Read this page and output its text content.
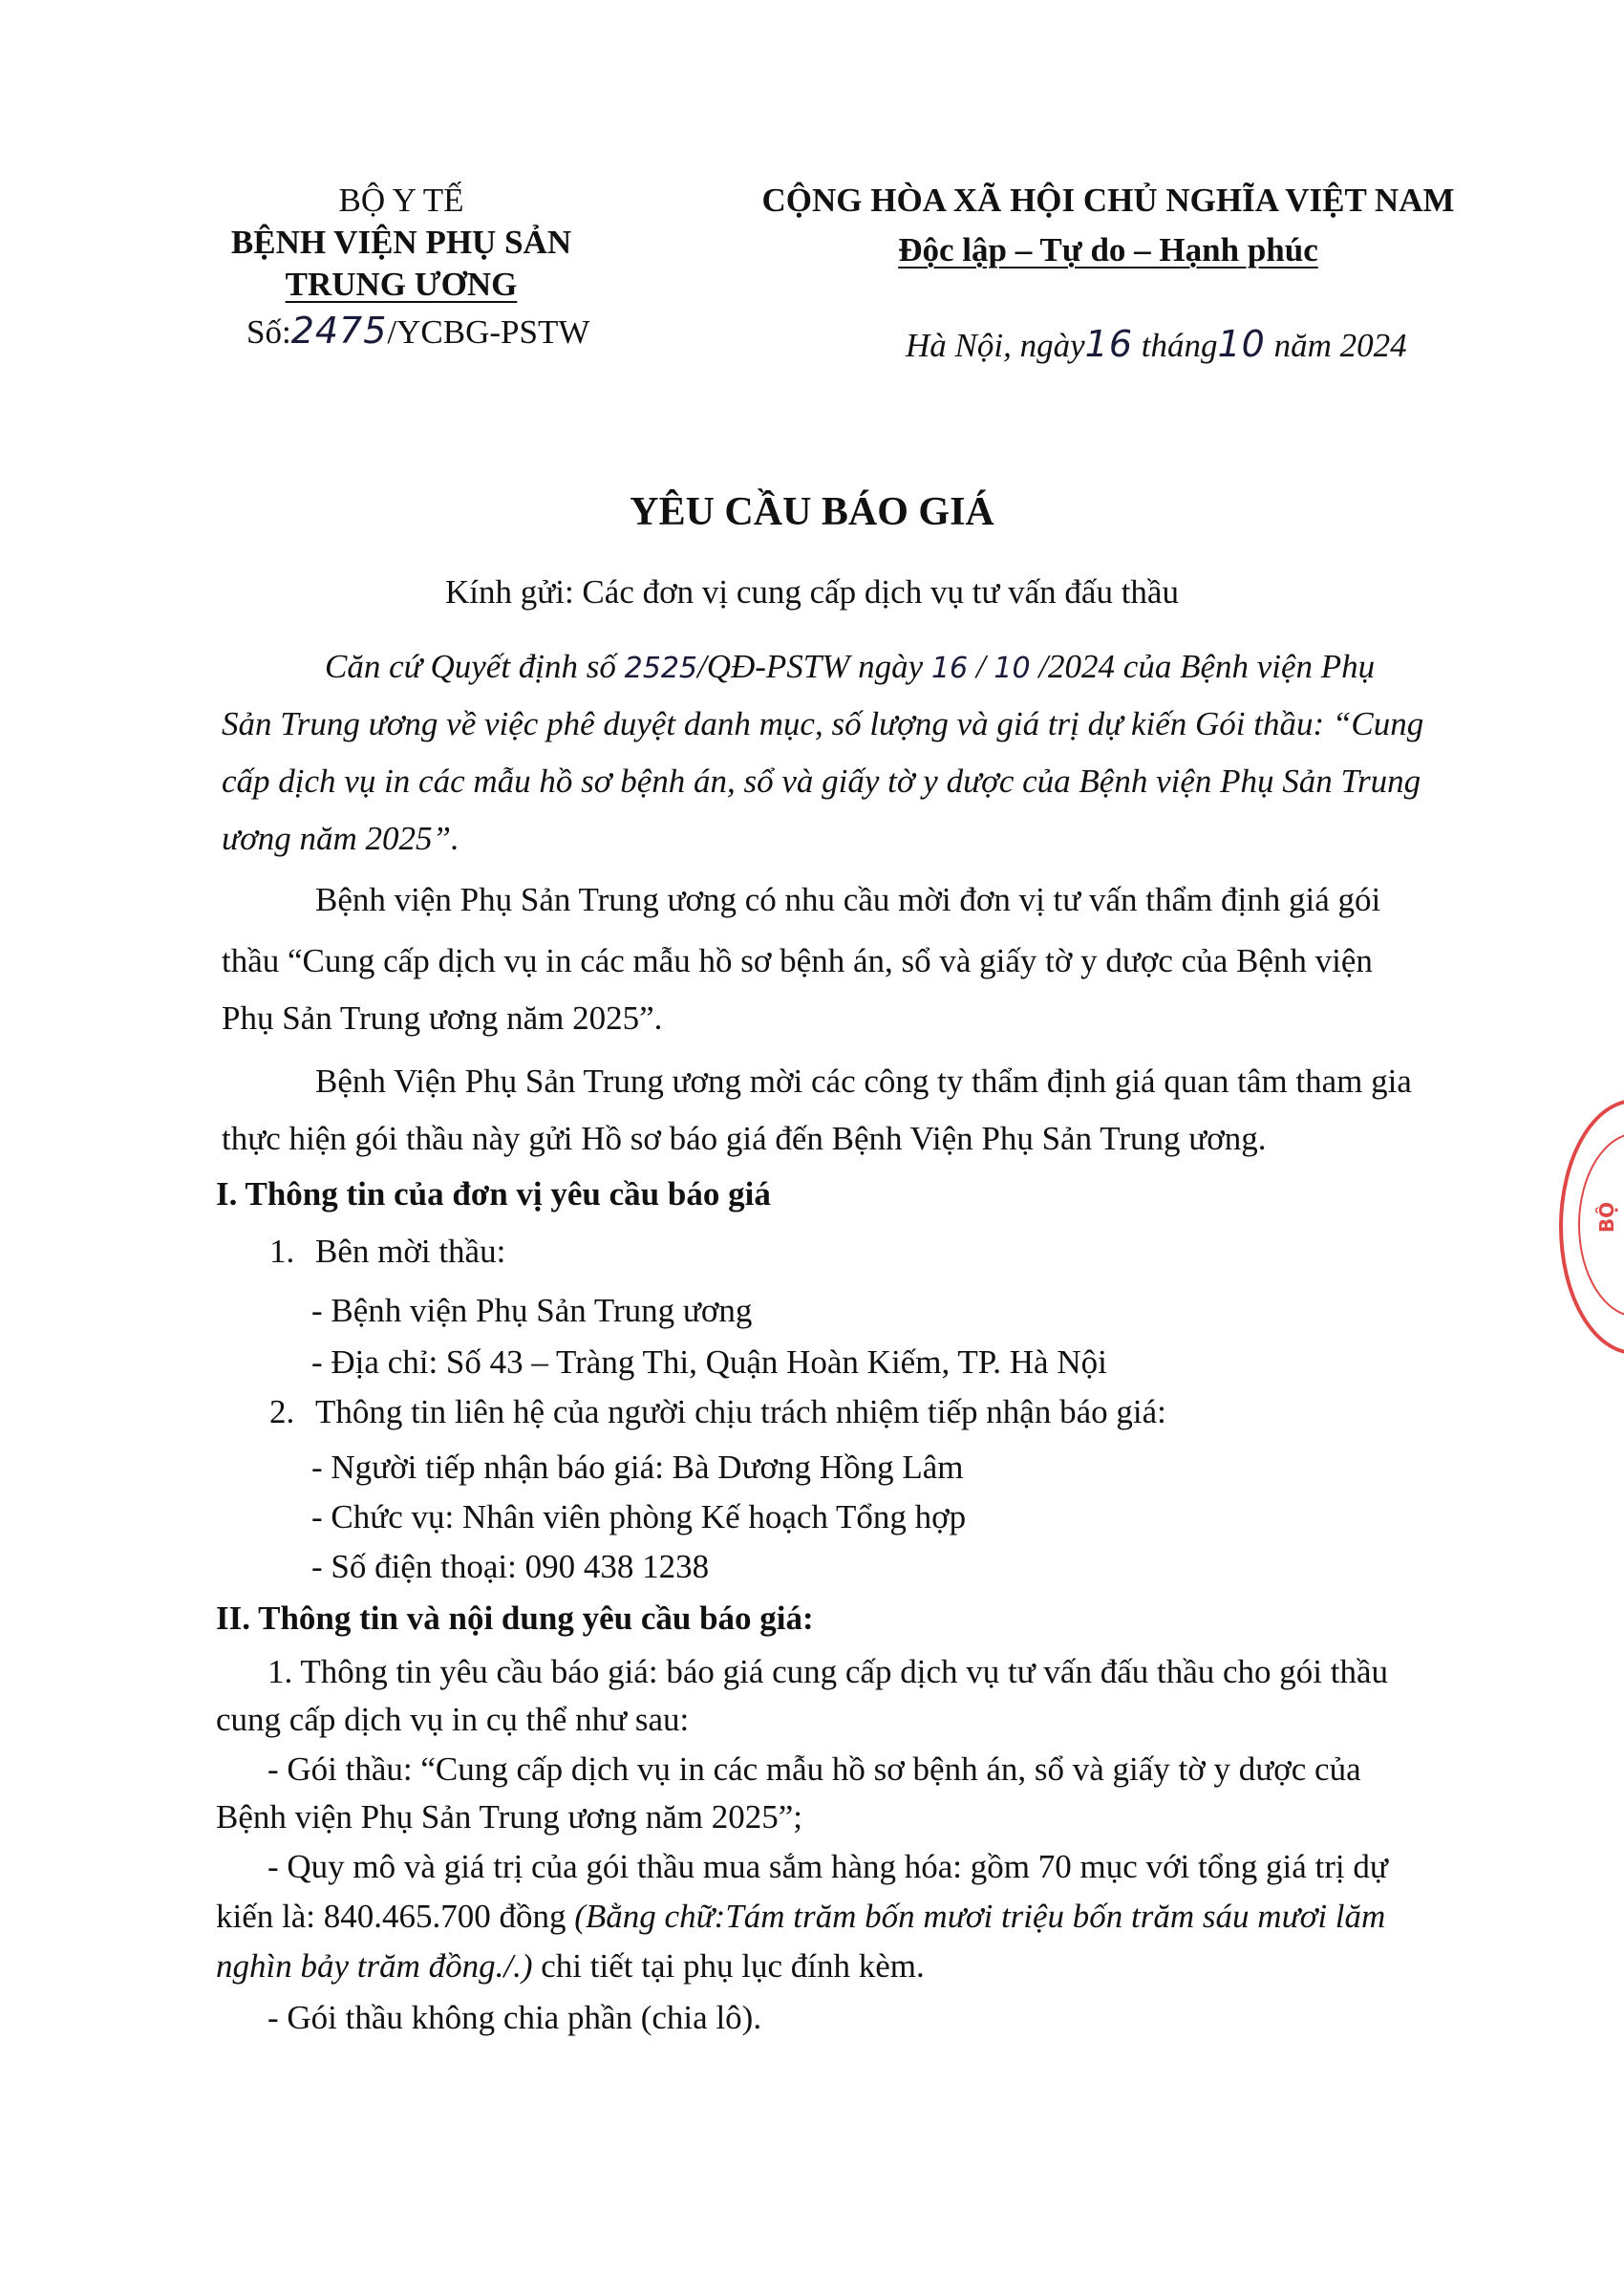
BỘ Y TẾ
BỆNH VIỆN PHỤ SẢN
TRUNG ƯƠNG
Số:2475/YCBG-PSTW
CỘNG HÒA XÃ HỘI CHỦ NGHĨA VIỆT NAM
Độc lập – Tự do – Hạnh phúc
Hà Nội, ngày16 tháng10 năm 2024
YÊU CẦU BÁO GIÁ
Kính gửi: Các đơn vị cung cấp dịch vụ tư vấn đấu thầu
Căn cứ Quyết định số 2525/QĐ-PSTW ngày 16 / 10 /2024 của Bệnh viện Phụ
Sản Trung ương về việc phê duyệt danh mục, số lượng và giá trị dự kiến Gói thầu: “Cung
cấp dịch vụ in các mẫu hồ sơ bệnh án, sổ và giấy tờ y dược của Bệnh viện Phụ Sản Trung
ương năm 2025”.
Bệnh viện Phụ Sản Trung ương có nhu cầu mời đơn vị tư vấn thẩm định giá gói
thầu “Cung cấp dịch vụ in các mẫu hồ sơ bệnh án, sổ và giấy tờ y dược của Bệnh viện
Phụ Sản Trung ương năm 2025”.
Bệnh Viện Phụ Sản Trung ương mời các công ty thẩm định giá quan tâm tham gia
thực hiện gói thầu này gửi Hồ sơ báo giá đến Bệnh Viện Phụ Sản Trung ương.
I. Thông tin của đơn vị yêu cầu báo giá
1. Bên mời thầu:
- Bệnh viện Phụ Sản Trung ương
- Địa chỉ: Số 43 – Tràng Thi, Quận Hoàn Kiếm, TP. Hà Nội
2. Thông tin liên hệ của người chịu trách nhiệm tiếp nhận báo giá:
- Người tiếp nhận báo giá: Bà Dương Hồng Lâm
- Chức vụ: Nhân viên phòng Kế hoạch Tổng hợp
- Số điện thoại: 090 438 1238
II. Thông tin và nội dung yêu cầu báo giá:
1. Thông tin yêu cầu báo giá: báo giá cung cấp dịch vụ tư vấn đấu thầu cho gói thầu
cung cấp dịch vụ in cụ thể như sau:
- Gói thầu: “Cung cấp dịch vụ in các mẫu hồ sơ bệnh án, sổ và giấy tờ y dược của
Bệnh viện Phụ Sản Trung ương năm 2025”;
- Quy mô và giá trị của gói thầu mua sắm hàng hóa: gồm 70 mục với tổng giá trị dự
kiến là: 840.465.700 đồng (Bằng chữ:Tám trăm bốn mươi triệu bốn trăm sáu mươi lăm
nghìn bảy trăm đồng./.) chi tiết tại phụ lục đính kèm.
- Gói thầu không chia phần (chia lô).
BỘ
